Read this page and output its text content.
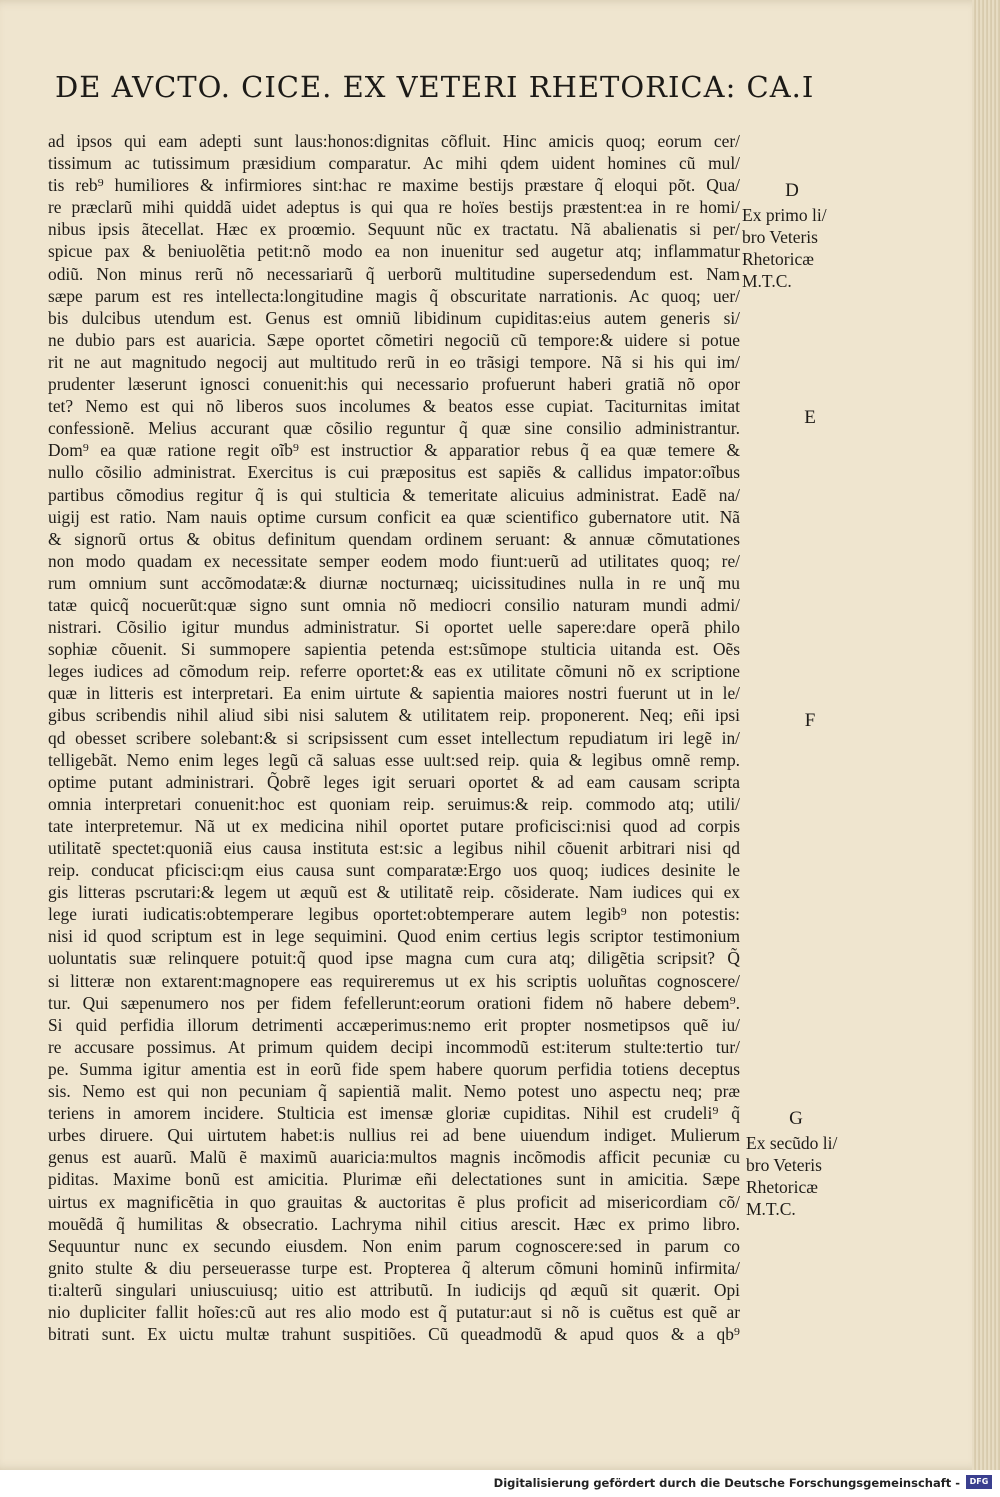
DE AVCTO. CICE. EX VETERI RHETORICA: CA.I
ad ipsos qui eam adepti sunt laus:honos:dignitas cõfluit. Hinc amicis quoq; eorum cer/
tissimum ac tutissimum præsidium comparatur. Ac mihi qdem uident homines cũ mul/
tis reb⁹ humiliores & infirmiores sint:hac re maxime bestijs præstare q̃ eloqui põt. Qua/
re præclarũ mihi quiddã uidet adeptus is qui qua re hoïes bestijs præstent:ea in re homi/
nibus ipsis ãtecellat. Hæc ex proœmio. Sequunt nũc ex tractatu. Nã abalienatis si per/
spicue pax & beniuolẽtia petit:nõ modo ea non inuenitur sed augetur atq; inflammatur
odiũ. Non minus rerũ nõ necessariarũ q̃ uerborũ multitudine supersedendum est. Nam
sæpe parum est res intellecta:longitudine magis q̃ obscuritate narrationis. Ac quoq; uer/
bis dulcibus utendum est. Genus est omniũ libidinum cupiditas:eius autem generis si/
ne dubio pars est auaricia. Sæpe oportet cõmetiri negociũ cũ tempore:& uidere si potue
rit ne aut magnitudo negocij aut multitudo rerũ in eo trãsigi tempore. Nã si his qui im/
prudenter læserunt ignosci conuenit:his qui necessario profuerunt haberi gratiã nõ opor
tet? Nemo est qui nõ liberos suos incolumes & beatos esse cupiat. Taciturnitas imitat
confessionẽ. Melius accurant quæ cõsilio reguntur q̃ quæ sine consilio administrantur.
Dom⁹ ea quæ ratione regit oĩb⁹ est instructior & apparatior rebus q̃ ea quæ temere &
nullo cõsilio administrat. Exercitus is cui præpositus est sapiẽs & callidus impator:oĩbus
partibus cõmodius regitur q̃ is qui stulticia & temeritate alicuius administrat. Eadẽ na/
uigij est ratio. Nam nauis optime cursum conficit ea quæ scientifico gubernatore utit. Nã
& signorũ ortus & obitus definitum quendam ordinem seruant: & annuæ cõmutationes
non modo quadam ex necessitate semper eodem modo fiunt:uerũ ad utilitates quoq; re/
rum omnium sunt accõmodatæ:& diurnæ nocturnæq; uicissitudines nulla in re unq̃ mu
tatæ quicq̃ nocuerũt:quæ signo sunt omnia nõ mediocri consilio naturam mundi admi/
nistrari. Cõsilio igitur mundus administratur. Si oportet uelle sapere:dare operã philo
sophiæ cõuenit. Si summopere sapientia petenda est:sũmope stulticia uitanda est. Oẽs
leges iudices ad cõmodum reip. referre oportet:& eas ex utilitate cõmuni nõ ex scriptione
quæ in litteris est interpretari. Ea enim uirtute & sapientia maiores nostri fuerunt ut in le/
gibus scribendis nihil aliud sibi nisi salutem & utilitatem reip. proponerent. Neq; eñi ipsi
qd obesset scribere solebant:& si scripsissent cum esset intellectum repudiatum iri legẽ in/
telligebãt. Nemo enim leges legũ cã saluas esse uult:sed reip. quia & legibus omnẽ remp.
optime putant administrari. Q̃obrẽ leges igit seruari oportet & ad eam causam scripta
omnia interpretari conuenit:hoc est quoniam reip. seruimus:& reip. commodo atq; utili/
tate interpretemur. Nã ut ex medicina nihil oportet putare proficisci:nisi quod ad corpis
utilitatẽ spectet:quoniã eius causa instituta est:sic a legibus nihil cõuenit arbitrari nisi qd
reip. conducat pficisci:qm eius causa sunt comparatæ:Ergo uos quoq; iudices desinite le
gis litteras pscrutari:& legem ut æquũ est & utilitatẽ reip. cõsiderate. Nam iudices qui ex
lege iurati iudicatis:obtemperare legibus oportet:obtemperare autem legib⁹ non potestis:
nisi id quod scriptum est in lege sequimini. Quod enim certius legis scriptor testimonium
uoluntatis suæ relinquere potuit:q̃ quod ipse magna cum cura atq; diligẽtia scripsit? Q̃
si litteræ non extarent:magnopere eas requireremus ut ex his scriptis uoluñtas cognoscere/
tur. Qui sæpenumero nos per fidem fefellerunt:eorum orationi fidem nõ habere debem⁹.
Si quid perfidia illorum detrimenti accæperimus:nemo erit propter nosmetipsos quẽ iu/
re accusare possimus. At primum quidem decipi incommodũ est:iterum stulte:tertio tur/
pe. Summa igitur amentia est in eorũ fide spem habere quorum perfidia totiens deceptus
sis. Nemo est qui non pecuniam q̃ sapientiã malit. Nemo potest uno aspectu neq; præ
teriens in amorem incidere. Stulticia est imensæ gloriæ cupiditas. Nihil est crudeli⁹ q̃
urbes diruere. Qui uirtutem habet:is nullius rei ad bene uiuendum indiget. Mulierum
genus est auarũ. Malũ ẽ maximũ auaricia:multos magnis incõmodis afficit pecuniæ cu
piditas. Maxime bonũ est amicitia. Plurimæ eñi delectationes sunt in amicitia. Sæpe
uirtus ex magnificẽtia in quo grauitas & auctoritas ẽ plus proficit ad misericordiam cõ/
mouẽdã q̃ humilitas & obsecratio. Lachryma nihil citius arescit. Hæc ex primo libro.
Sequuntur nunc ex secundo eiusdem. Non enim parum cognoscere:sed in parum co
gnito stulte & diu perseuerasse turpe est. Propterea q̃ alterum cõmuni hominũ infirmita/
ti:alterũ singulari uniuscuiusq; uitio est attributũ. In iudicijs qd æquũ sit quærit. Opi
nio dupliciter fallit hoĩes:cũ aut res alio modo est q̃ putatur:aut si nõ is cuẽtus est quẽ ar
bitrati sunt. Ex uictu multæ trahunt suspitiões. Cũ queadmodũ & apud quos & a qb⁹
D
Ex primo li/
bro Veteris
Rhetoricæ
M.T.C.
E
F
G
Ex secũdo li/
bro Veteris
Rhetoricæ
M.T.C.
Digitalisierung gefördert durch die Deutsche Forschungsgemeinschaft -	DFG
